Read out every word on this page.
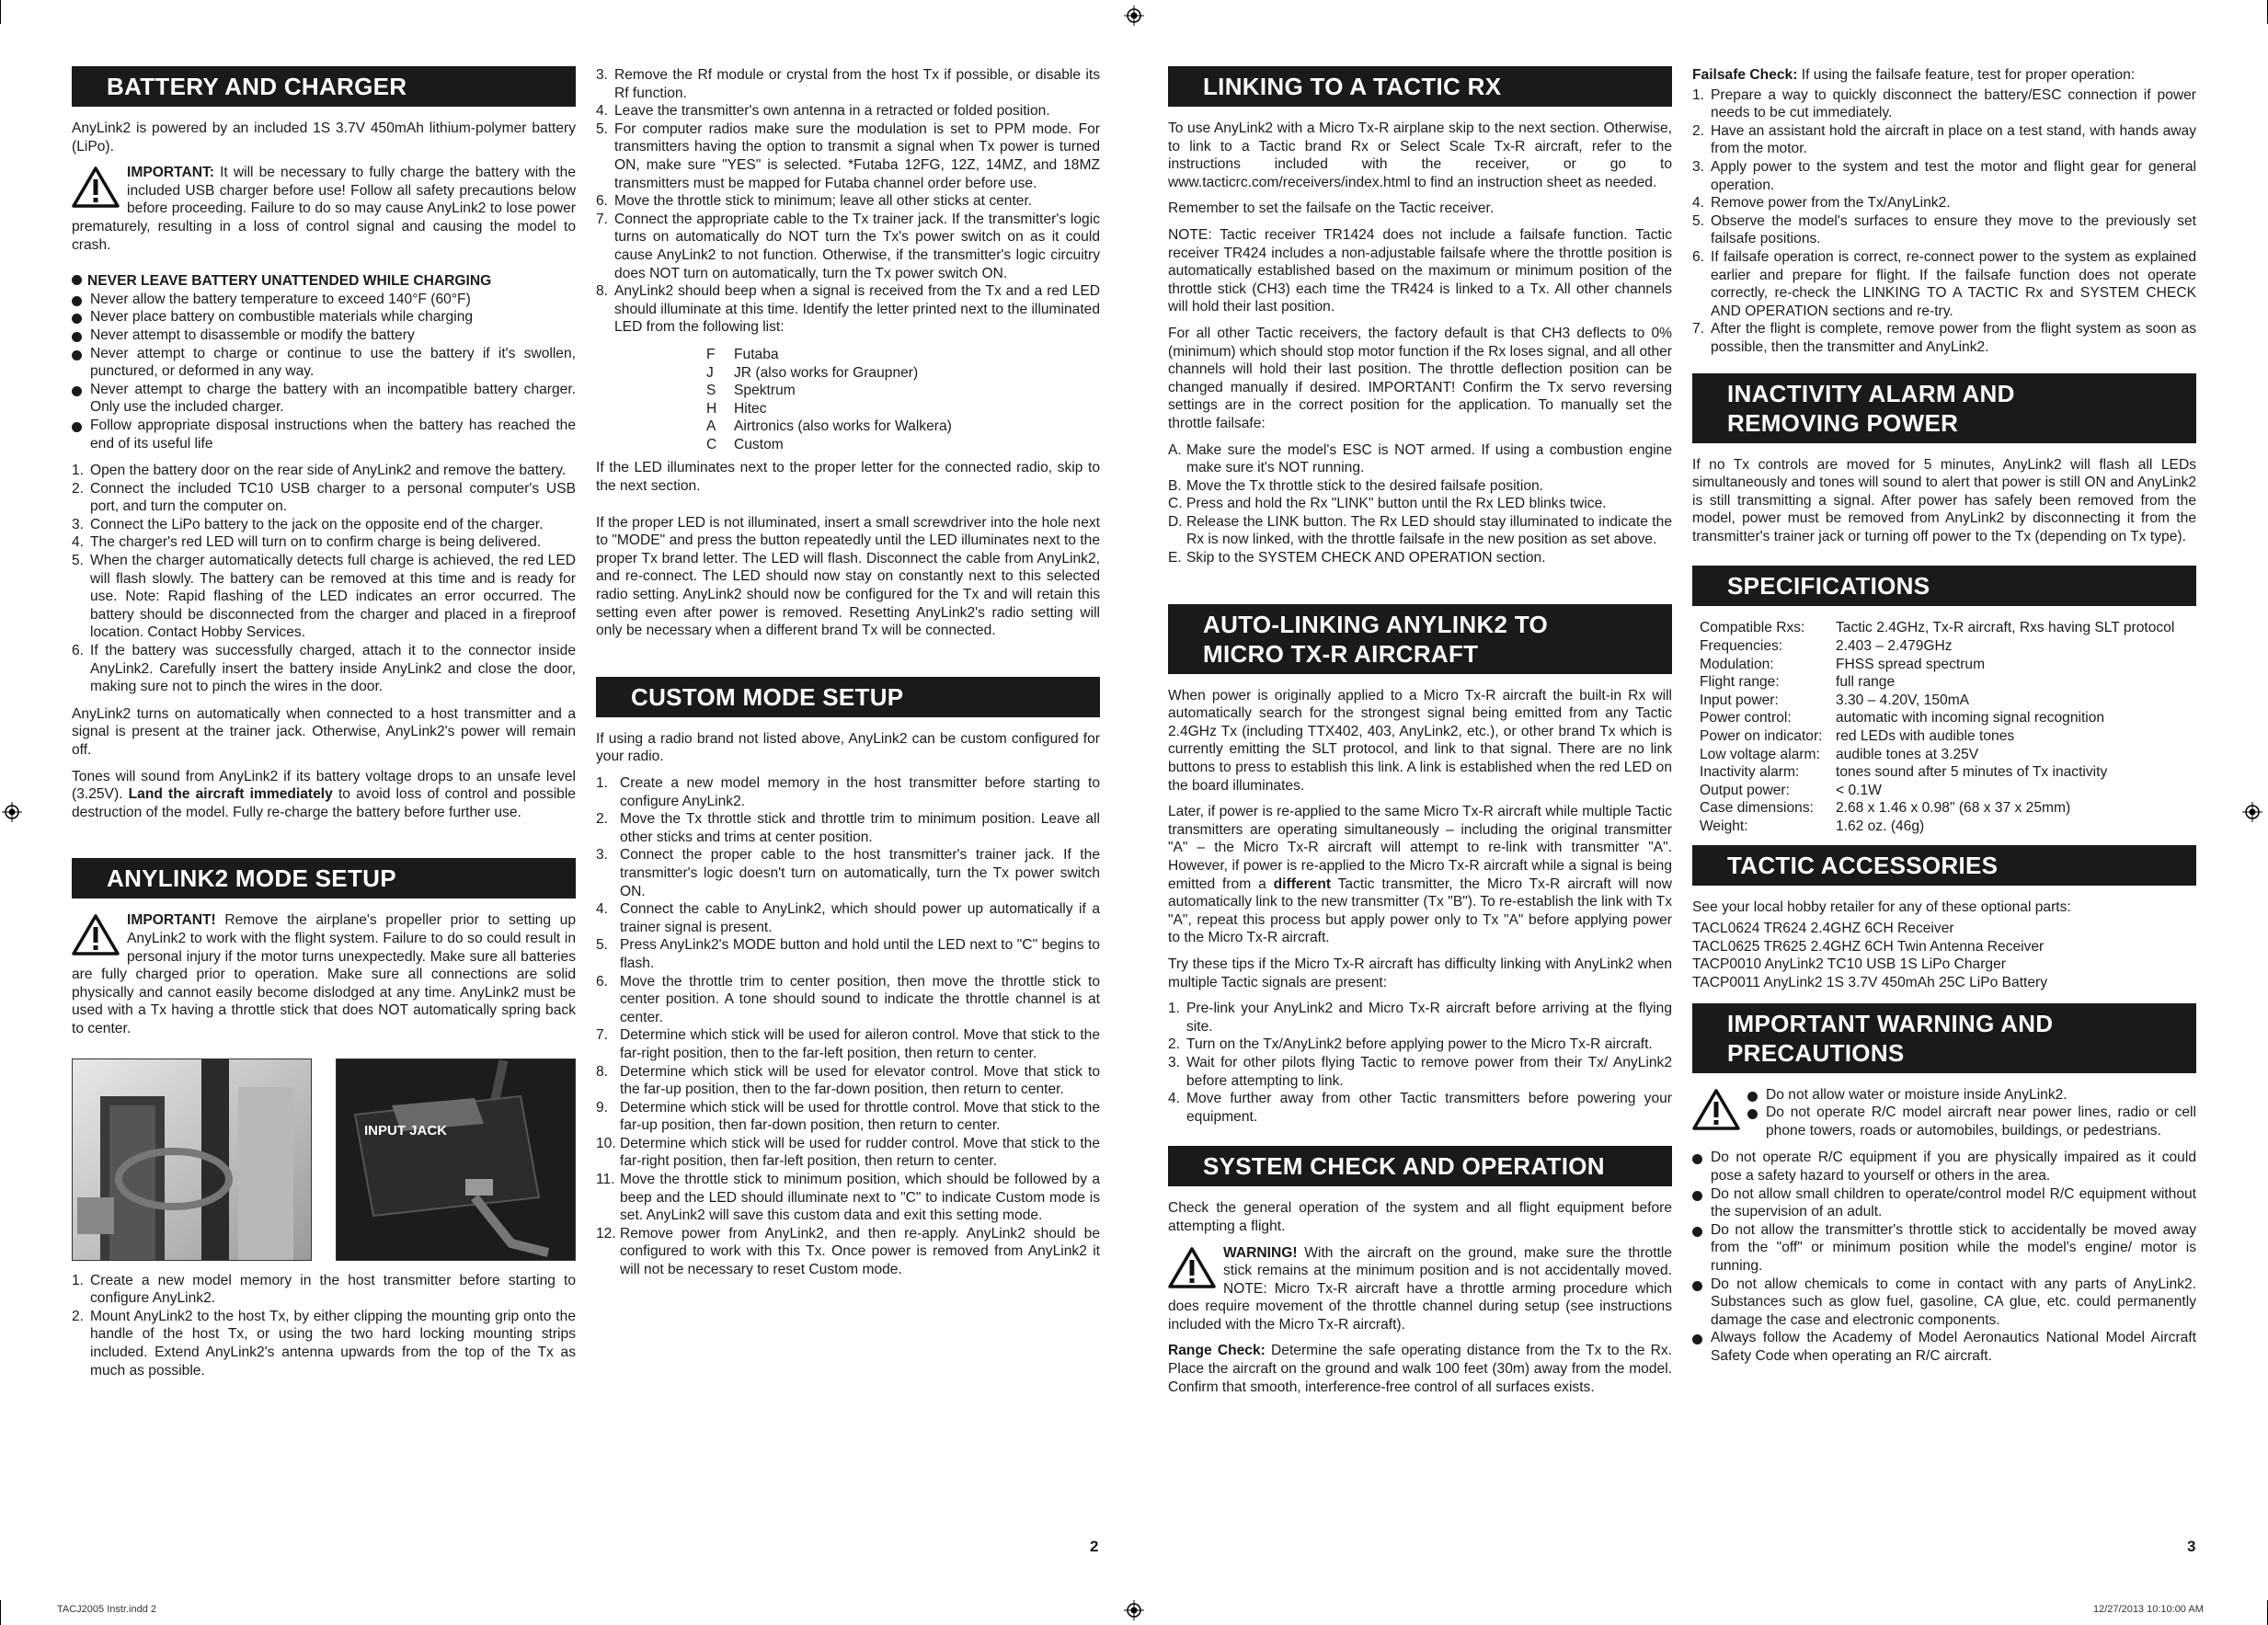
BATTERY AND CHARGER

AnyLink2 is powered by an included 1S 3.7V 450mAh lithium-polymer battery (LiPo).

IMPORTANT: It will be necessary to fully charge the battery with the included USB charger before use! Follow all safety precautions below before proceeding. Failure to do so may cause AnyLink2 to lose power prematurely, resulting in a loss of control signal and causing the model to crash.

NEVER LEAVE BATTERY UNATTENDED WHILE CHARGING

Never allow the battery temperature to exceed 140°F (60°F)
Never place battery on combustible materials while charging
Never attempt to disassemble or modify the battery
Never attempt to charge or continue to use the battery if it's swollen, punctured, or deformed in any way.
Never attempt to charge the battery with an incompatible battery charger. Only use the included charger.
Follow appropriate disposal instructions when the battery has reached the end of its useful life
1. Open the battery door on the rear side of AnyLink2 and remove the battery.
2. Connect the included TC10 USB charger to a personal computer's USB port, and turn the computer on.
3. Connect the LiPo battery to the jack on the opposite end of the charger.
4. The charger's red LED will turn on to confirm charge is being delivered.
5. When the charger automatically detects full charge is achieved, the red LED will flash slowly. The battery can be removed at this time and is ready for use. Note: Rapid flashing of the LED indicates an error occurred. The battery should be disconnected from the charger and placed in a fireproof location. Contact Hobby Services.
6. If the battery was successfully charged, attach it to the connector inside AnyLink2. Carefully insert the battery inside AnyLink2 and close the door, making sure not to pinch the wires in the door.

AnyLink2 turns on automatically when connected to a host transmitter and a signal is present at the trainer jack. Otherwise, AnyLink2's power will remain off.

Tones will sound from AnyLink2 if its battery voltage drops to an unsafe level (3.25V). Land the aircraft immediately to avoid loss of control and possible destruction of the model. Fully re-charge the battery before further use.

ANYLINK2 MODE SETUP

IMPORTANT! Remove the airplane's propeller prior to setting up AnyLink2 to work with the flight system. Failure to do so could result in personal injury if the motor turns unexpectedly. Make sure all batteries are fully charged prior to operation. Make sure all connections are solid physically and cannot easily become dislodged at any time. AnyLink2 must be used with a Tx having a throttle stick that does NOT automatically spring back to center.

INPUT JACK
1. Create a new model memory in the host transmitter before starting to configure AnyLink2.
2. Mount AnyLink2 to the host Tx, by either clipping the mounting grip onto the handle of the host Tx, or using the two hard locking mounting strips included. Extend AnyLink2's antenna upwards from the top of the Tx as much as possible.
3. Remove the Rf module or crystal from the host Tx if possible, or disable its Rf function.
4. Leave the transmitter's own antenna in a retracted or folded position.
5. For computer radios make sure the modulation is set to PPM mode. For transmitters having the option to transmit a signal when Tx power is turned ON, make sure "YES" is selected. *Futaba 12FG, 12Z, 14MZ, and 18MZ transmitters must be mapped for Futaba channel order before use.
6. Move the throttle stick to minimum; leave all other sticks at center.
7. Connect the appropriate cable to the Tx trainer jack. If the transmitter's logic turns on automatically do NOT turn the Tx's power switch on as it could cause AnyLink2 to not function. Otherwise, if the transmitter's logic circuitry does NOT turn on automatically, turn the Tx power switch ON.
8. AnyLink2 should beep when a signal is received from the Tx and a red LED should illuminate at this time. Identify the letter printed next to the illuminated LED from the following list:
F	Futaba
J	JR (also works for Graupner)
S	Spektrum
H	Hitec
A	Airtronics (also works for Walkera)
C	Custom

If the LED illuminates next to the proper letter for the connected radio, skip to the next section.

If the proper LED is not illuminated, insert a small screwdriver into the hole next to "MODE" and press the button repeatedly until the LED illuminates next to the proper Tx brand letter. The LED will flash. Disconnect the cable from AnyLink2, and re-connect. The LED should now stay on constantly next to this selected radio setting. AnyLink2 should now be configured for the Tx and will retain this setting even after power is removed. Resetting AnyLink2's radio setting will only be necessary when a different brand Tx will be connected.

CUSTOM MODE SETUP

If using a radio brand not listed above, AnyLink2 can be custom configured for your radio.

1. Create a new model memory in the host transmitter before starting to configure AnyLink2.
2. Move the Tx throttle stick and throttle trim to minimum position. Leave all other sticks and trims at center position.
3. Connect the proper cable to the host transmitter's trainer jack. If the transmitter's logic doesn't turn on automatically, turn the Tx power switch ON.
4. Connect the cable to AnyLink2, which should power up automatically if a trainer signal is present.
5. Press AnyLink2's MODE button and hold until the LED next to "C" begins to flash.
6. Move the throttle trim to center position, then move the throttle stick to center position. A tone should sound to indicate the throttle channel is at center.
7. Determine which stick will be used for aileron control. Move that stick to the far-right position, then to the far-left position, then return to center.
8. Determine which stick will be used for elevator control. Move that stick to the far-up position, then to the far-down position, then return to center.
9. Determine which stick will be used for throttle control. Move that stick to the far-up position, then far-down position, then return to center.
10. Determine which stick will be used for rudder control. Move that stick to the far-right position, then far-left position, then return to center.
11. Move the throttle stick to minimum position, which should be followed by a beep and the LED should illuminate next to "C" to indicate Custom mode is set. AnyLink2 will save this custom data and exit this setting mode.
12. Remove power from AnyLink2, and then re-apply. AnyLink2 should be configured to work with this Tx. Once power is removed from AnyLink2 it will not be necessary to reset Custom mode.
2
LINKING TO A TACTIC RX

To use AnyLink2 with a Micro Tx-R airplane skip to the next section. Otherwise, to link to a Tactic brand Rx or Select Scale Tx-R aircraft, refer to the instructions included with the receiver, or go to www.tacticrc.com/receivers/index.html to find an instruction sheet as needed.

Remember to set the failsafe on the Tactic receiver.

NOTE: Tactic receiver TR1424 does not include a failsafe function. Tactic receiver TR424 includes a non-adjustable failsafe where the throttle position is automatically established based on the maximum or minimum position of the throttle stick (CH3) each time the TR424 is linked to a Tx. All other channels will hold their last position.

For all other Tactic receivers, the factory default is that CH3 deflects to 0% (minimum) which should stop motor function if the Rx loses signal, and all other channels will hold their last position. The throttle deflection position can be changed manually if desired. IMPORTANT! Confirm the Tx servo reversing settings are in the correct position for the application. To manually set the throttle failsafe:

A. Make sure the model's ESC is NOT armed. If using a combustion engine make sure it's NOT running.
B. Move the Tx throttle stick to the desired failsafe position.
C. Press and hold the Rx "LINK" button until the Rx LED blinks twice.
D. Release the LINK button. The Rx LED should stay illuminated to indicate the Rx is now linked, with the throttle failsafe in the new position as set above.
E. Skip to the SYSTEM CHECK AND OPERATION section.
AUTO-LINKING ANYLINK2 TO
MICRO TX-R AIRCRAFT

When power is originally applied to a Micro Tx-R aircraft the built-in Rx will automatically search for the strongest signal being emitted from any Tactic 2.4GHz Tx (including TTX402, 403, AnyLink2, etc.), or other brand Tx which is currently emitting the SLT protocol, and link to that signal. There are no link buttons to press to establish this link. A link is established when the red LED on the board illuminates.

Later, if power is re-applied to the same Micro Tx-R aircraft while multiple Tactic transmitters are operating simultaneously – including the original transmitter "A" – the Micro Tx-R aircraft will attempt to re-link with transmitter "A". However, if power is re-applied to the Micro Tx-R aircraft while a signal is being emitted from a different Tactic transmitter, the Micro Tx-R aircraft will now automatically link to the new transmitter (Tx "B"). To re-establish the link with Tx "A", repeat this process but apply power only to Tx "A" before applying power to the Micro Tx-R aircraft.

Try these tips if the Micro Tx-R aircraft has difficulty linking with AnyLink2 when multiple Tactic signals are present:

1. Pre-link your AnyLink2 and Micro Tx-R aircraft before arriving at the flying site.
2. Turn on the Tx/AnyLink2 before applying power to the Micro Tx-R aircraft.
3. Wait for other pilots flying Tactic to remove power from their Tx/ AnyLink2 before attempting to link.
4. Move further away from other Tactic transmitters before powering your equipment.
SYSTEM CHECK AND OPERATION

Check the general operation of the system and all flight equipment before attempting a flight.

WARNING! With the aircraft on the ground, make sure the throttle stick remains at the minimum position and is not accidentally moved. NOTE: Micro Tx-R aircraft have a throttle arming procedure which does require movement of the throttle channel during setup (see instructions included with the Micro Tx-R aircraft).

Range Check: Determine the safe operating distance from the Tx to the Rx. Place the aircraft on the ground and walk 100 feet (30m) away from the model. Confirm that smooth, interference-free control of all surfaces exists.

Failsafe Check: If using the failsafe feature, test for proper operation:

1. Prepare a way to quickly disconnect the battery/ESC connection if power needs to be cut immediately.
2. Have an assistant hold the aircraft in place on a test stand, with hands away from the motor.
3. Apply power to the system and test the motor and flight gear for general operation.
4. Remove power from the Tx/AnyLink2.
5. Observe the model's surfaces to ensure they move to the previously set failsafe positions.
6. If failsafe operation is correct, re-connect power to the system as explained earlier and prepare for flight. If the failsafe function does not operate correctly, re-check the LINKING TO A TACTIC Rx and SYSTEM CHECK AND OPERATION sections and re-try.
7. After the flight is complete, remove power from the flight system as soon as possible, then the transmitter and AnyLink2.
INACTIVITY ALARM AND
REMOVING POWER

If no Tx controls are moved for 5 minutes, AnyLink2 will flash all LEDs simultaneously and tones will sound to alert that power is still ON and AnyLink2 is still transmitting a signal. After power has safely been removed from the model, power must be removed from AnyLink2 by disconnecting it from the transmitter's trainer jack or turning off power to the Tx (depending on Tx type).

SPECIFICATIONS
Compatible Rxs:	Tactic 2.4GHz, Tx-R aircraft, Rxs having SLT protocol
Frequencies:	2.403 – 2.479GHz
Modulation:	FHSS spread spectrum
Flight range:	full range
Input power:	3.30 – 4.20V, 150mA
Power control:	automatic with incoming signal recognition
Power on indicator: red LEDs with audible tones
Low voltage alarm:	audible tones at 3.25V
Inactivity alarm:	tones sound after 5 minutes of Tx inactivity
Output power:	< 0.1W
Case dimensions:	2.68 x 1.46 x 0.98" (68 x 37 x 25mm)
Weight:	1.62 oz. (46g)
TACTIC ACCESSORIES

See your local hobby retailer for any of these optional parts:

TACL0624 TR624 2.4GHZ 6CH Receiver
TACL0625 TR625 2.4GHZ 6CH Twin Antenna Receiver
TACP0010 AnyLink2 TC10 USB 1S LiPo Charger
TACP0011 AnyLink2 1S 3.7V 450mAh 25C LiPo Battery
IMPORTANT WARNING AND
PRECAUTIONS
Do not allow water or moisture inside AnyLink2.
Do not operate R/C model aircraft near power lines, radio or cell phone towers, roads or automobiles, buildings, or pedestrians.
Do not operate R/C equipment if you are physically impaired as it could pose a safety hazard to yourself or others in the area.
Do not allow small children to operate/control model R/C equipment without the supervision of an adult.
Do not allow the transmitter's throttle stick to accidentally be moved away from the "off" or minimum position while the model's engine/ motor is running.
Do not allow chemicals to come in contact with any parts of AnyLink2. Substances such as glow fuel, gasoline, CA glue, etc. could permanently damage the case and electronic components.
Always follow the Academy of Model Aeronautics National Model Aircraft Safety Code when operating an R/C aircraft.
3
TACJ2005 Instr.indd 2	12/27/2013 10:10:00 AM
